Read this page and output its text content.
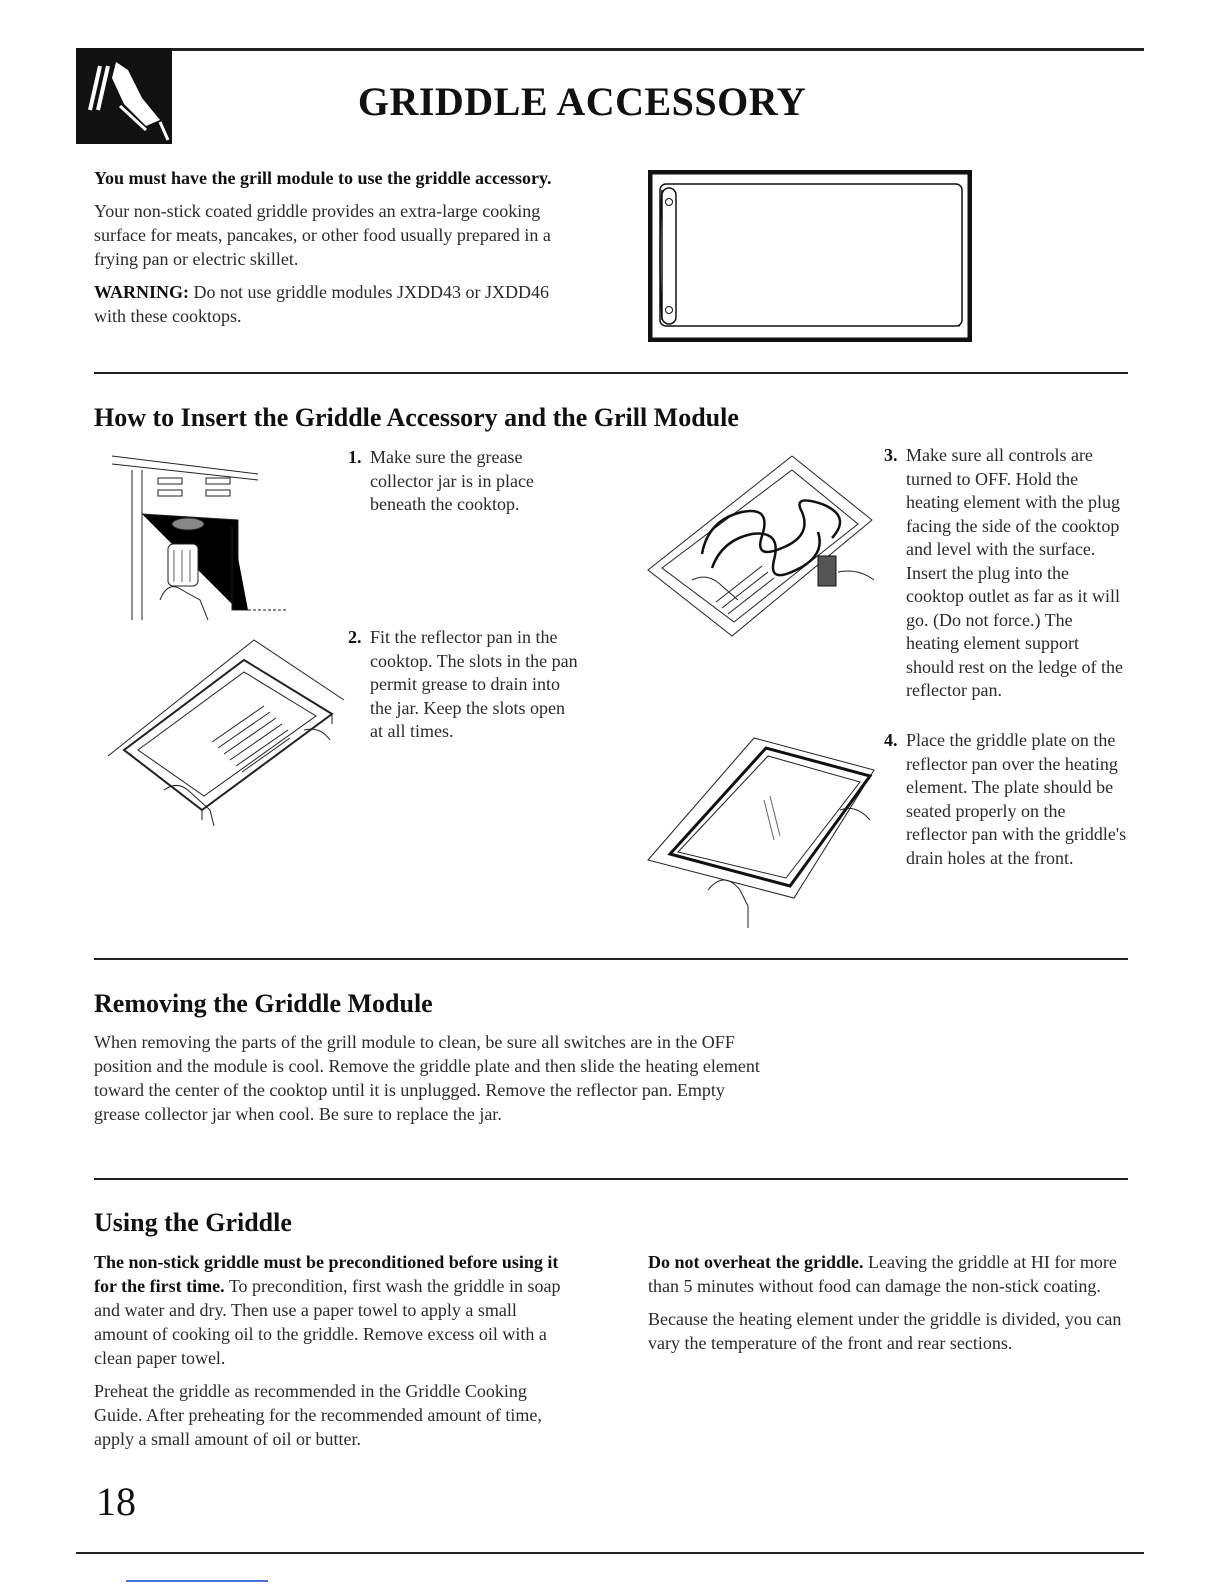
GRIDDLE ACCESSORY

You must have the grill module to use the griddle accessory.

Your non-stick coated griddle provides an extra-large cooking surface for meats, pancakes, or other food usually prepared in a frying pan or electric skillet.

WARNING: Do not use griddle modules JXDD43 or JXDD46 with these cooktops.

How to Insert the Griddle Accessory and the Grill Module
1. Make sure the grease collector jar is in place beneath the cooktop.
2. Fit the reflector pan in the cooktop. The slots in the pan permit grease to drain into the jar. Keep the slots open at all times.
3. Make sure all controls are turned to OFF. Hold the heating element with the plug facing the side of the cooktop and level with the surface. Insert the plug into the cooktop outlet as far as it will go. (Do not force.) The heating element support should rest on the ledge of the reflector pan.
4. Place the griddle plate on the reflector pan over the heating element. The plate should be seated properly on the reflector pan with the griddle's drain holes at the front.
Removing the Griddle Module

When removing the parts of the grill module to clean, be sure all switches are in the OFF position and the module is cool. Remove the griddle plate and then slide the heating element toward the center of the cooktop until it is unplugged. Remove the reflector pan. Empty grease collector jar when cool. Be sure to replace the jar.

Using the Griddle

The non-stick griddle must be preconditioned before using it for the first time. To precondition, first wash the griddle in soap and water and dry. Then use a paper towel to apply a small amount of cooking oil to the griddle. Remove excess oil with a clean paper towel.

Preheat the griddle as recommended in the Griddle Cooking Guide. After preheating for the recommended amount of time, apply a small amount of oil or butter.

Do not overheat the griddle. Leaving the griddle at HI for more than 5 minutes without food can damage the non-stick coating.

Because the heating element under the griddle is divided, you can vary the temperature of the front and rear sections.

18
